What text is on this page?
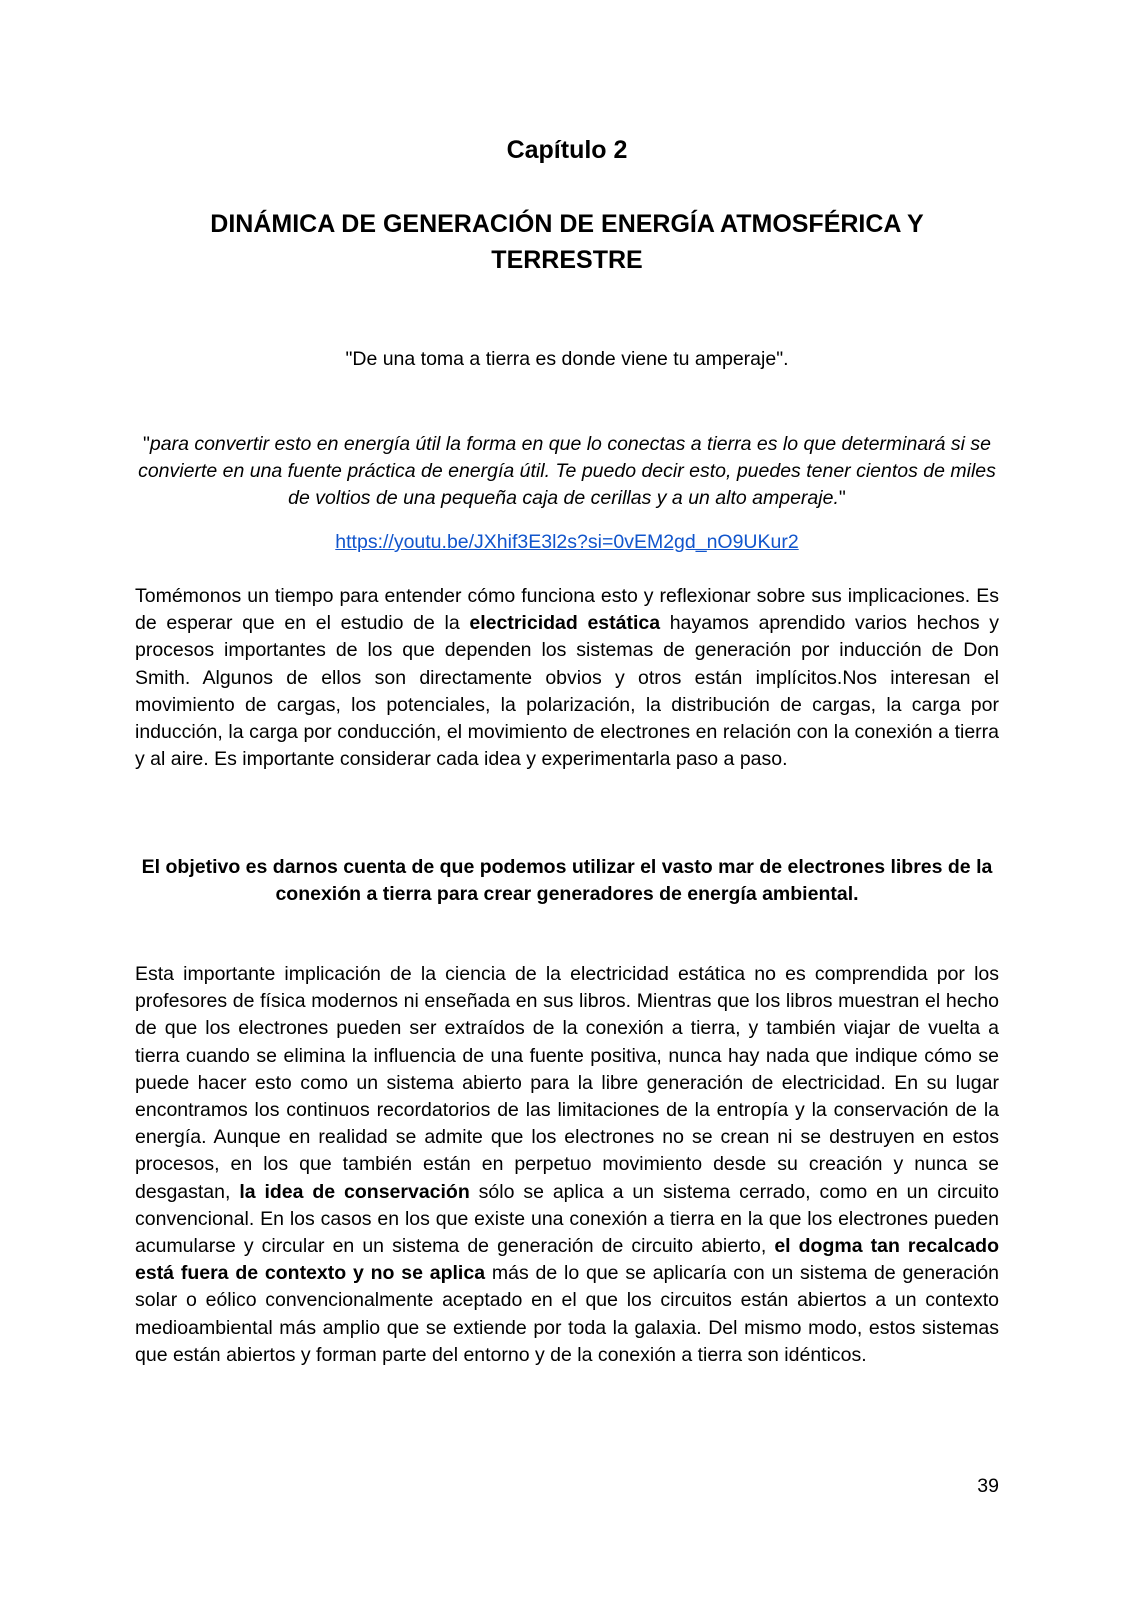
Capítulo 2
DINÁMICA DE GENERACIÓN DE ENERGÍA ATMOSFÉRICA Y
TERRESTRE

"De una toma a tierra es donde viene tu amperaje".

"para convertir esto en energía útil la forma en que lo conectas a tierra es lo que determinará si se convierte en una fuente práctica de energía útil. Te puedo decir esto, puedes tener cientos de miles de voltios de una pequeña caja de cerillas y a un alto amperaje."

https://youtu.be/JXhif3E3l2s?si=0vEM2gd_nO9UKur2

Tomémonos un tiempo para entender cómo funciona esto y reflexionar sobre sus implicaciones. Es de esperar que en el estudio de la electricidad estática hayamos aprendido varios hechos y procesos importantes de los que dependen los sistemas de generación por inducción de Don Smith. Algunos de ellos son directamente obvios y otros están implícitos.Nos interesan el movimiento de cargas, los potenciales, la polarización, la distribución de cargas, la carga por inducción, la carga por conducción, el movimiento de electrones en relación con la conexión a tierra y al aire. Es importante considerar cada idea y experimentarla paso a paso.

El objetivo es darnos cuenta de que podemos utilizar el vasto mar de electrones libres de la conexión a tierra para crear generadores de energía ambiental.

Esta importante implicación de la ciencia de la electricidad estática no es comprendida por los profesores de física modernos ni enseñada en sus libros. Mientras que los libros muestran el hecho de que los electrones pueden ser extraídos de la conexión a tierra, y también viajar de vuelta a tierra cuando se elimina la influencia de una fuente positiva, nunca hay nada que indique cómo se puede hacer esto como un sistema abierto para la libre generación de electricidad. En su lugar encontramos los continuos recordatorios de las limitaciones de la entropía y la conservación de la energía. Aunque en realidad se admite que los electrones no se crean ni se destruyen en estos procesos, en los que también están en perpetuo movimiento desde su creación y nunca se desgastan, la idea de conservación sólo se aplica a un sistema cerrado, como en un circuito convencional. En los casos en los que existe una conexión a tierra en la que los electrones pueden acumularse y circular en un sistema de generación de circuito abierto, el dogma tan recalcado está fuera de contexto y no se aplica más de lo que se aplicaría con un sistema de generación solar o eólico convencionalmente aceptado en el que los circuitos están abiertos a un contexto medioambiental más amplio que se extiende por toda la galaxia. Del mismo modo, estos sistemas que están abiertos y forman parte del entorno y de la conexión a tierra son idénticos.

39
